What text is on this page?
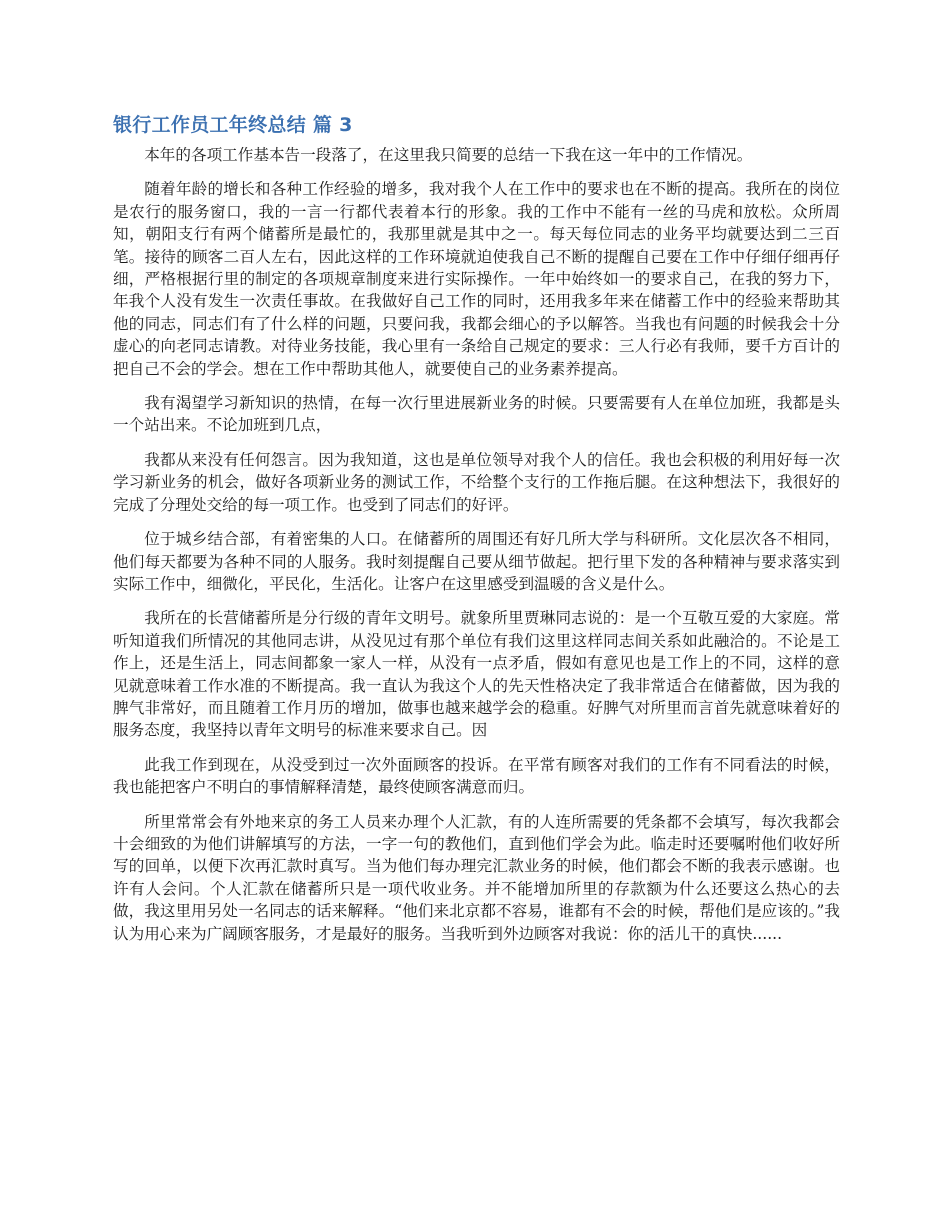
银行工作员工年终总结 篇 3

本年的各项工作基本告一段落了，在这里我只简要的总结一下我在这一年中的工作情况。

随着年龄的增长和各种工作经验的增多，我对我个人在工作中的要求也在不断的提高。我所在的岗位是农行的服务窗口，我的一言一行都代表着本行的形象。我的工作中不能有一丝的马虎和放松。众所周知，朝阳支行有两个储蓄所是最忙的，我那里就是其中之一。每天每位同志的业务平均就要达到二三百笔。接待的顾客二百人左右，因此这样的工作环境就迫使我自己不断的提醒自己要在工作中仔细仔细再仔细，严格根据行里的制定的各项规章制度来进行实际操作。一年中始终如一的要求自己，在我的努力下，年我个人没有发生一次责任事故。在我做好自己工作的同时，还用我多年来在储蓄工作中的经验来帮助其他的同志，同志们有了什么样的问题，只要问我，我都会细心的予以解答。当我也有问题的时候我会十分虚心的向老同志请教。对待业务技能，我心里有一条给自己规定的要求：三人行必有我师，要千方百计的把自己不会的学会。想在工作中帮助其他人，就要使自己的业务素养提高。

我有渴望学习新知识的热情，在每一次行里进展新业务的时候。只要需要有人在单位加班，我都是头一个站出来。不论加班到几点，

我都从来没有任何怨言。因为我知道，这也是单位领导对我个人的信任。我也会积极的利用好每一次学习新业务的机会，做好各项新业务的测试工作，不给整个支行的工作拖后腿。在这种想法下，我很好的完成了分理处交给的每一项工作。也受到了同志们的好评。

位于城乡结合部，有着密集的人口。在储蓄所的周围还有好几所大学与科研所。文化层次各不相同，他们每天都要为各种不同的人服务。我时刻提醒自己要从细节做起。把行里下发的各种精神与要求落实到实际工作中，细微化，平民化，生活化。让客户在这里感受到温暖的含义是什么。

我所在的长营储蓄所是分行级的青年文明号。就象所里贾琳同志说的：是一个互敬互爱的大家庭。常听知道我们所情况的其他同志讲，从没见过有那个单位有我们这里这样同志间关系如此融洽的。不论是工作上，还是生活上，同志间都象一家人一样，从没有一点矛盾，假如有意见也是工作上的不同，这样的意见就意味着工作水准的不断提高。我一直认为我这个人的先天性格决定了我非常适合在储蓄做，因为我的脾气非常好，而且随着工作月历的增加，做事也越来越学会的稳重。好脾气对所里而言首先就意味着好的服务态度，我坚持以青年文明号的标准来要求自己。因

此我工作到现在，从没受到过一次外面顾客的投诉。在平常有顾客对我们的工作有不同看法的时候，我也能把客户不明白的事情解释清楚，最终使顾客满意而归。

所里常常会有外地来京的务工人员来办理个人汇款，有的人连所需要的凭条都不会填写，每次我都会十会细致的为他们讲解填写的方法，一字一句的教他们，直到他们学会为此。临走时还要嘱咐他们收好所写的回单，以便下次再汇款时真写。当为他们每办理完汇款业务的时候，他们都会不断的我表示感谢。也许有人会问。个人汇款在储蓄所只是一项代收业务。并不能增加所里的存款额为什么还要这么热心的去做，我这里用另处一名同志的话来解释。“他们来北京都不容易，谁都有不会的时候，帮他们是应该的。”我认为用心来为广阔顾客服务，才是最好的服务。当我听到外边顾客对我说：你的活儿干的真快......
